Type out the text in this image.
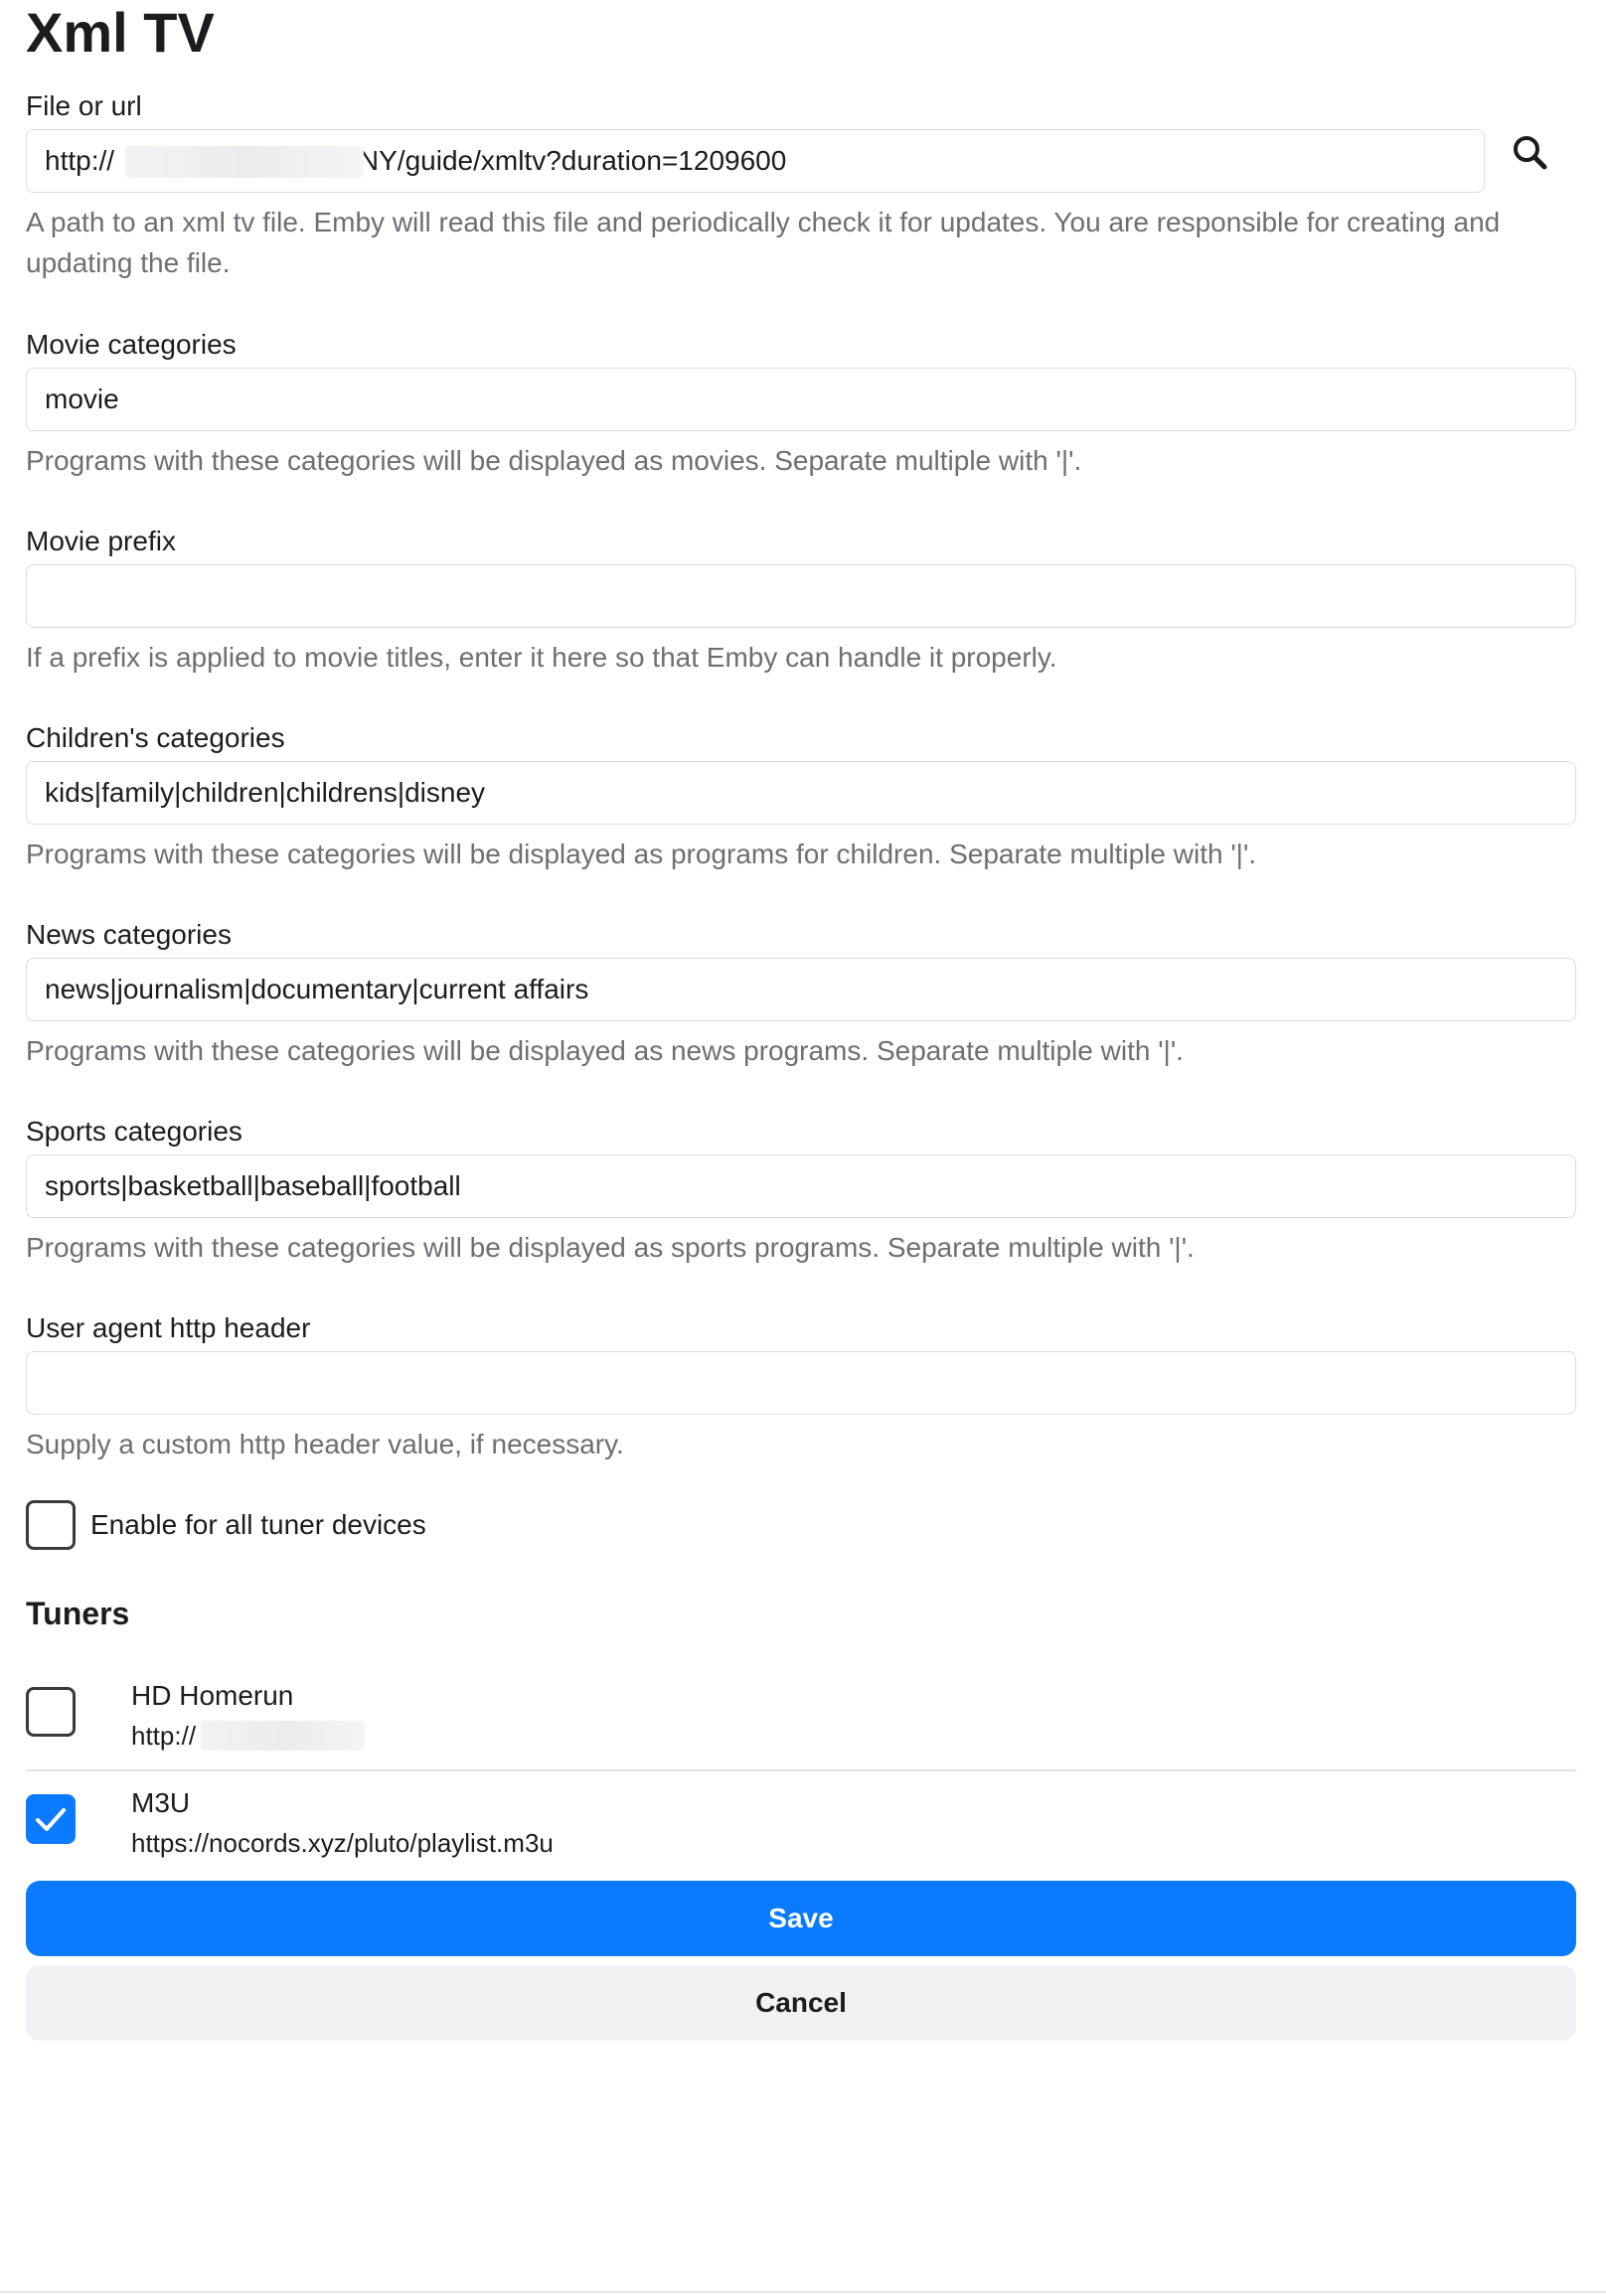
Xml TV
File or url
http:// /devices/ANY/guide/xmltv?duration=1209600
A path to an xml tv file. Emby will read this file and periodically check it for updates. You are responsible for creating and updating the file.
Movie categories
movie
Programs with these categories will be displayed as movies. Separate multiple with '|'.
Movie prefix
If a prefix is applied to movie titles, enter it here so that Emby can handle it properly.
Children's categories
kids|family|children|childrens|disney
Programs with these categories will be displayed as programs for children. Separate multiple with '|'.
News categories
news|journalism|documentary|current affairs
Programs with these categories will be displayed as news programs. Separate multiple with '|'.
Sports categories
sports|basketball|baseball|football
Programs with these categories will be displayed as sports programs. Separate multiple with '|'.
User agent http header
Supply a custom http header value, if necessary.
Enable for all tuner devices
Tuners
HD Homerun
http://
M3U
https://nocords.xyz/pluto/playlist.m3u
Save
Cancel
